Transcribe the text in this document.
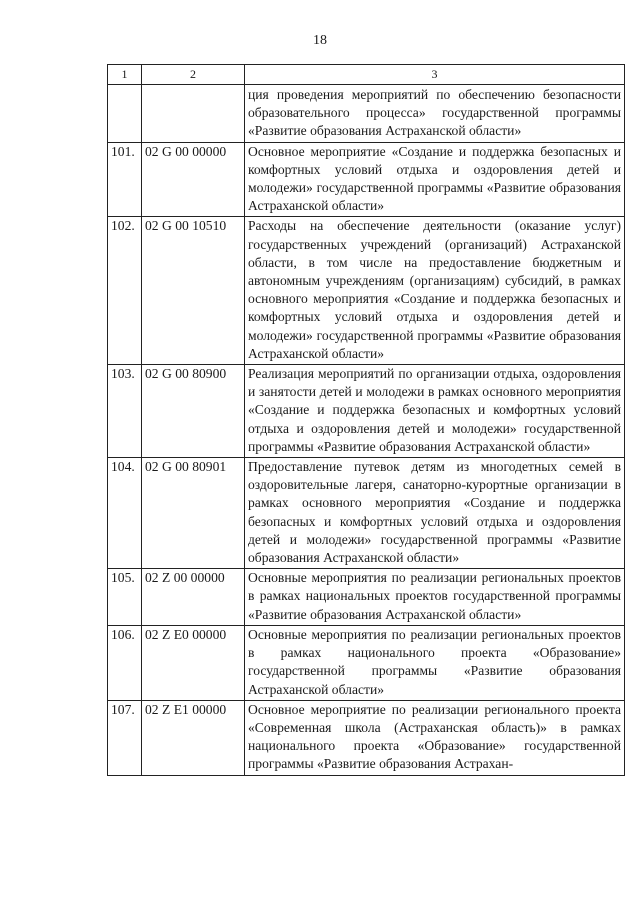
18
1	2	3
		ция проведения мероприятий по обеспечению безопасности образовательного процесса» государственной программы «Развитие образования Астраханской области»
101.	02 G 00 00000	Основное мероприятие «Создание и поддержка безопасных и комфортных условий отдыха и оздоровления детей и молодежи» государственной программы «Развитие образования Астраханской области»
102.	02 G 00 10510	Расходы на обеспечение деятельности (оказание услуг) государственных учреждений (организаций) Астраханской области, в том числе на предоставление бюджетным и автономным учреждениям (организациям) субсидий, в рамках основного мероприятия «Создание и поддержка безопасных и комфортных условий отдыха и оздоровления детей и молодежи» государственной программы «Развитие образования Астраханской области»
103.	02 G 00 80900	Реализация мероприятий по организации отдыха, оздоровления и занятости детей и молодежи в рамках основного мероприятия «Создание и поддержка безопасных и комфортных условий отдыха и оздоровления детей и молодежи» государственной программы «Развитие образования Астраханской области»
104.	02 G 00 80901	Предоставление путевок детям из многодетных семей в оздоровительные лагеря, санаторно-курортные организации в рамках основного мероприятия «Создание и поддержка безопасных и комфортных условий отдыха и оздоровления детей и молодежи» государственной программы «Развитие образования Астраханской области»
105.	02 Z 00 00000	Основные мероприятия по реализации региональных проектов в рамках национальных проектов государственной программы «Развитие образования Астраханской области»
106.	02 Z E0 00000	Основные мероприятия по реализации региональных проектов в рамках национального проекта «Образование» государственной программы «Развитие образования Астраханской области»
107.	02 Z E1 00000	Основное мероприятие по реализации регионального проекта «Современная школа (Астраханская область)» в рамках национального проекта «Образование» государственной программы «Развитие образования Астрахан-
